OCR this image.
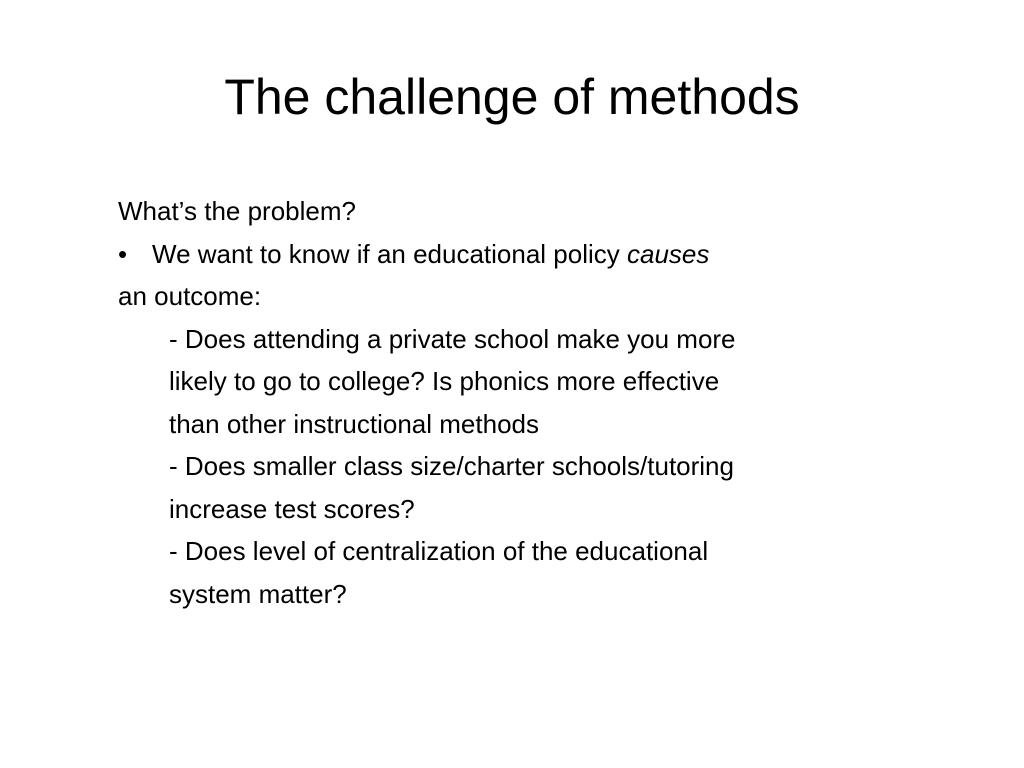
The challenge of methods

What’s the problem?

• We want to know if an educational policy causes

an outcome:

- Does attending a private school make you more

likely to go to college? Is phonics more effective

than other instructional methods

- Does smaller class size/charter schools/tutoring

increase test scores?

- Does level of centralization of the educational

system matter?
